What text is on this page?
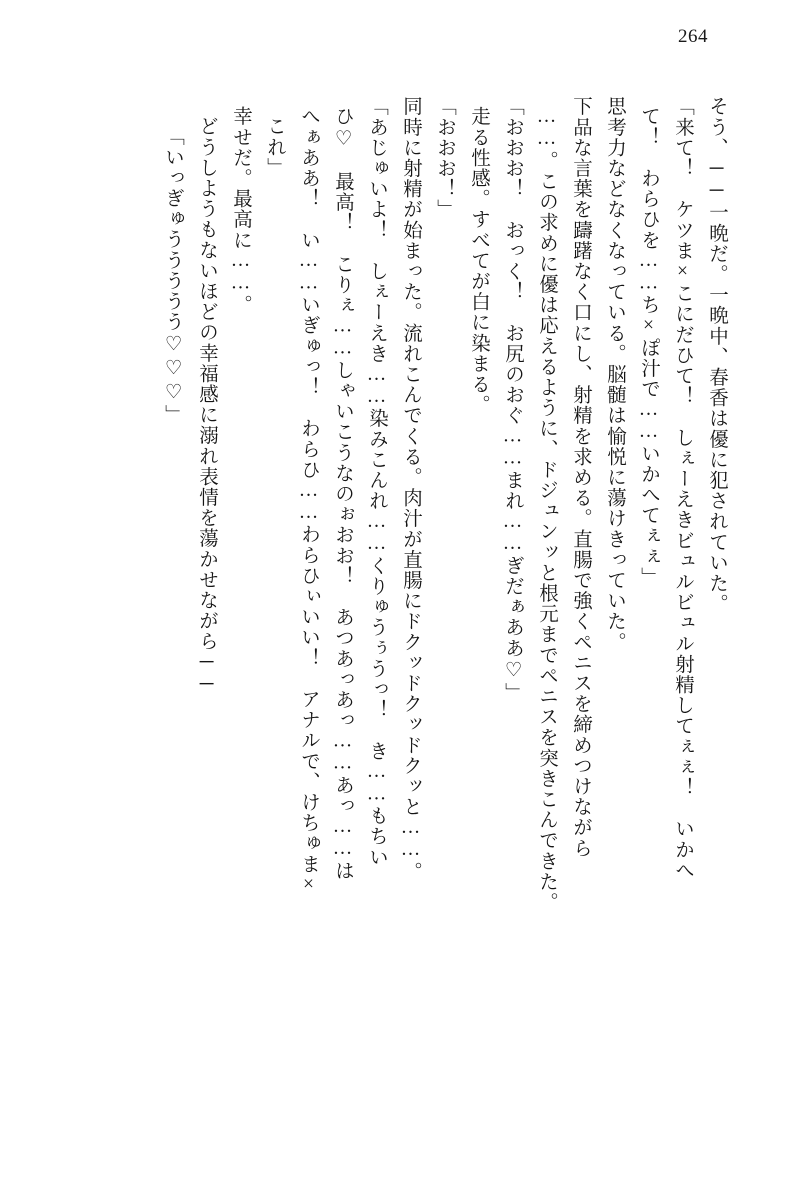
264
そう、──一晩だ。一晩中、春香は優に犯されていた。
「来て！　ケツま×こにだひて！　しぇーえきビュルビュル射精してぇぇ！　いかへ
て！　わらひを……ち×ぽ汁で……いかへてぇぇ」
思考力などなくなっている。脳髄は愉悦に蕩けきっていた。
下品な言葉を躊躇なく口にし、射精を求める。直腸で強くペニスを締めつけながら
……。この求めに優は応えるように、ドジュンッと根元までペニスを突きこんできた。
「おおお！　おっく！　お尻のおぐ……まれ……ぎだぁああ♡」
走る性感。すべてが白に染まる。
「おおお！」
同時に射精が始まった。流れこんでくる。肉汁が直腸にドクッドクッドクッと……。
「あじゅいよ！　しぇーえき……染みこんれ……くりゅうぅうっ！　き……もちい
ひ♡　最高！　こりぇ……しゃいこうなのぉおお！　あつあっあっ……あっ……は
へぁああ！　い……いぎゅっ！　わらひ……わらひぃいい！　アナルで、けちゅま×
これ」
幸せだ。最高に……。
どうしようもないほどの幸福感に溺れ表情を蕩かせながら──
「いっぎゅううううう♡♡♡」
